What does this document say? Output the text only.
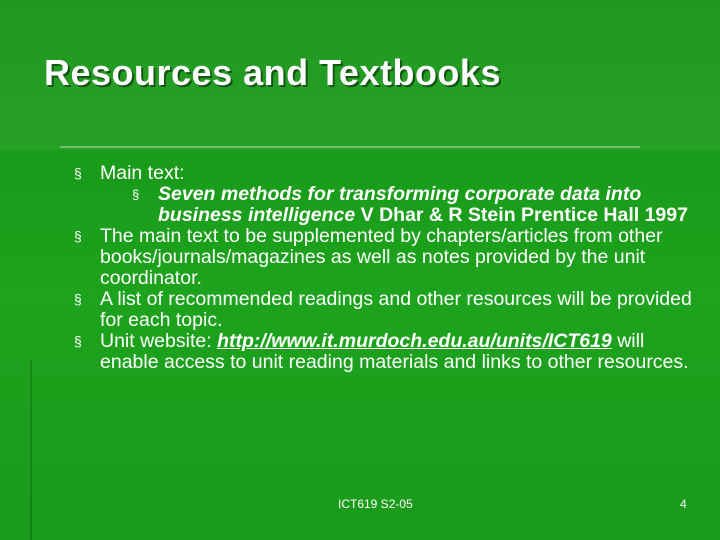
Resources and Textbooks
§ Main text:
§ Seven methods for transforming corporate data into business intelligence V Dhar & R Stein Prentice Hall 1997
§ The main text to be supplemented by chapters/articles from other books/journals/magazines as well as notes provided by the unit coordinator.
§ A list of recommended readings and other resources will be provided for each topic.
§ Unit website: http://www.it.murdoch.edu.au/units/ICT619 will enable access to unit reading materials and links to other resources.
ICT619 S2-05	4
